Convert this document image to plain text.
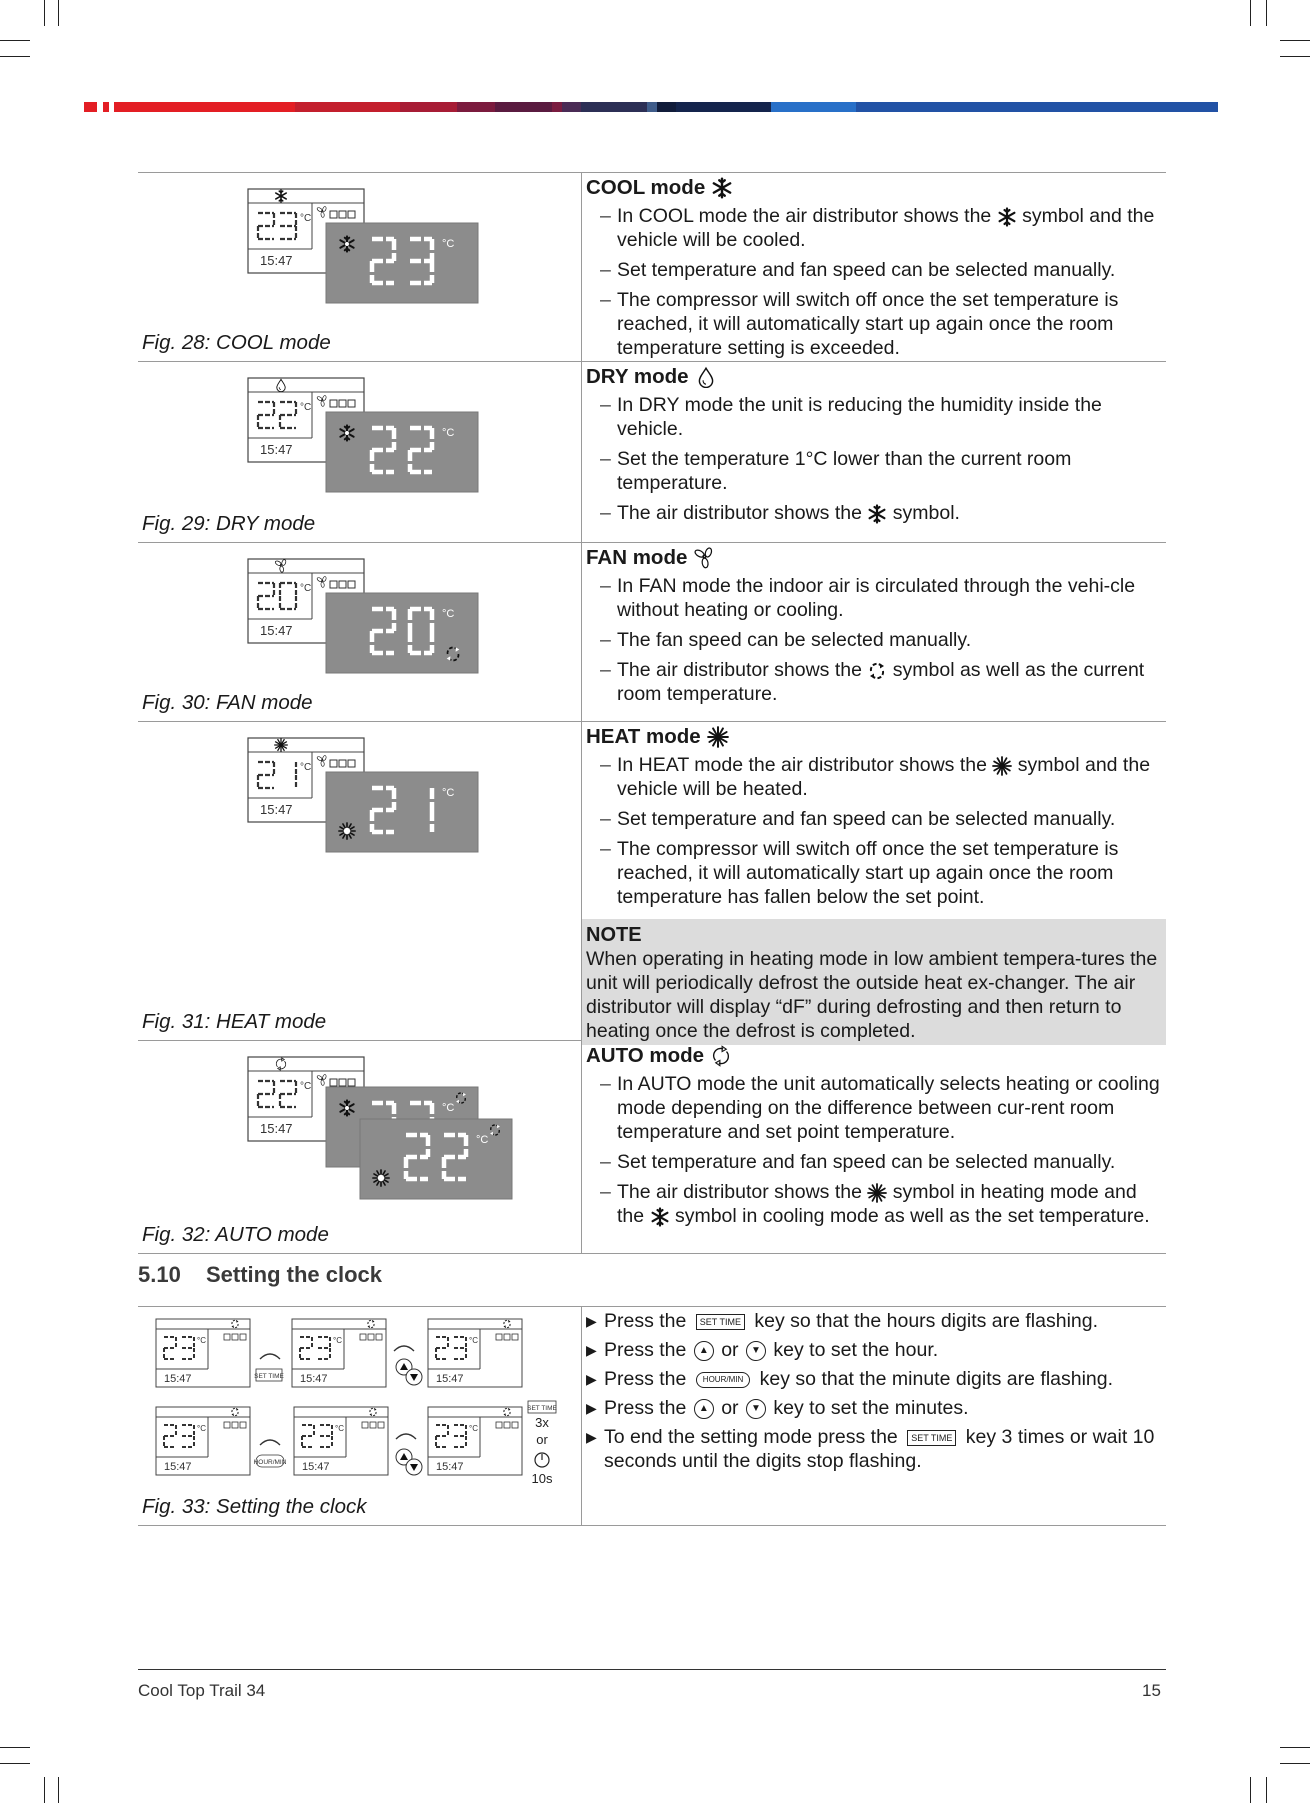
°C
15:47
°C
Fig. 28: COOL mode
COOL mode
– In COOL mode the air distributor shows the  symbol and the vehicle will be cooled.
– Set temperature and fan speed can be selected manually.
– The compressor will switch off once the set temperature is reached, it will automatically start up again once the room temperature setting is exceeded.
°C
15:47
°C
Fig. 29: DRY mode
DRY mode
– In DRY mode the unit is reducing the humidity inside the vehicle.
– Set the temperature 1°C lower than the current room temperature.
– The air distributor shows the  symbol.
°C
15:47
°C
Fig. 30: FAN mode
FAN mode
– In FAN mode the indoor air is circulated through the vehi-cle without heating or cooling.
– The fan speed can be selected manually.
– The air distributor shows the  symbol as well as the current room temperature.
°C
15:47
°C
Fig. 31: HEAT mode
HEAT mode
– In HEAT mode the air distributor shows the  symbol and the vehicle will be heated.
– Set temperature and fan speed can be selected manually.
– The compressor will switch off once the set temperature is reached, it will automatically start up again once the room temperature has fallen below the set point.
NOTE
When operating in heating mode in low ambient tempera-tures the unit will periodically defrost the outside heat ex-changer. The air distributor will display “dF” during defrosting and then return to heating once the defrost is completed.
°C
15:47
°C
°C
Fig. 32: AUTO mode
AUTO mode
– In AUTO mode the unit automatically selects heating or cooling mode depending on the difference between cur-rent room temperature and set point temperature.
– Set temperature and fan speed can be selected manually.
– The air distributor shows the  symbol in heating mode and the  symbol in cooling mode as well as the set temperature.
5.10 Setting the clock
°C
15:47	SET TIME
°C
15:47
°C
15:47
°C
15:47	HOUR/MIN
°C
15:47
°C
15:47
SET TIME
3x
or
10s
Fig. 33: Setting the clock
▶ Press the SET TIME key so that the hours digits are flashing.
▶ Press the ▲ or ▼ key to set the hour.
▶ Press the HOUR/MIN key so that the minute digits are flashing.
▶ Press the ▲ or ▼ key to set the minutes.
▶ To end the setting mode press the SET TIME key 3 times or wait 10 seconds until the digits stop flashing.
Cool Top Trail 34	15
